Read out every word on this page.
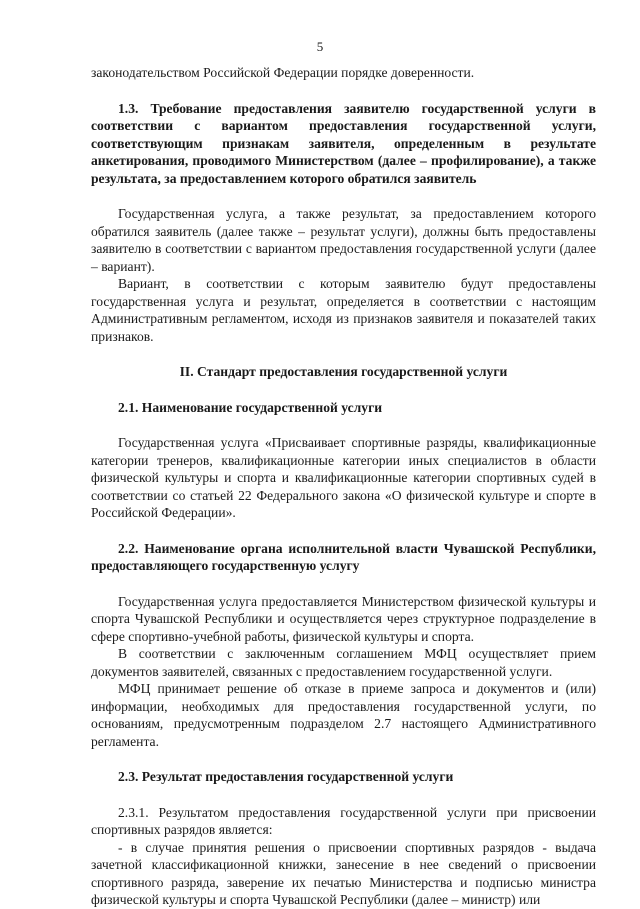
5

законодательством Российской Федерации порядке доверенности.

1.3. Требование предоставления заявителю государственной услуги в соответствии с вариантом предоставления государственной услуги, соответствующим признакам заявителя, определенным в результате анкетирования, проводимого Министерством (далее – профилирование), а также результата, за предоставлением которого обратился заявитель

Государственная услуга, а также результат, за предоставлением которого обратился заявитель (далее также – результат услуги), должны быть предоставлены заявителю в соответствии с вариантом предоставления государственной услуги (далее – вариант).

Вариант, в соответствии с которым заявителю будут предоставлены государственная услуга и результат, определяется в соответствии с настоящим Административным регламентом, исходя из признаков заявителя и показателей таких признаков.

II. Стандарт предоставления государственной услуги

2.1. Наименование государственной услуги

Государственная услуга «Присваивает спортивные разряды, квалификационные категории тренеров, квалификационные категории иных специалистов в области физической культуры и спорта и квалификационные категории спортивных судей в соответствии со статьей 22 Федерального закона «О физической культуре и спорте в Российской Федерации».

2.2. Наименование органа исполнительной власти Чувашской Республики, предоставляющего государственную услугу

Государственная услуга предоставляется Министерством физической культуры и спорта Чувашской Республики и осуществляется через структурное подразделение в сфере спортивно-учебной работы, физической культуры и спорта.

В соответствии с заключенным соглашением МФЦ осуществляет прием документов заявителей, связанных с предоставлением государственной услуги.

МФЦ принимает решение об отказе в приеме запроса и документов и (или) информации, необходимых для предоставления государственной услуги, по основаниям, предусмотренным подразделом 2.7 настоящего Административного регламента.

2.3. Результат предоставления государственной услуги

2.3.1. Результатом предоставления государственной услуги при присвоении спортивных разрядов является:

- в случае принятия решения о присвоении спортивных разрядов - выдача зачетной классификационной книжки, занесение в нее сведений о присвоении спортивного разряда, заверение их печатью Министерства и подписью министра физической культуры и спорта Чувашской Республики (далее – министр) или
